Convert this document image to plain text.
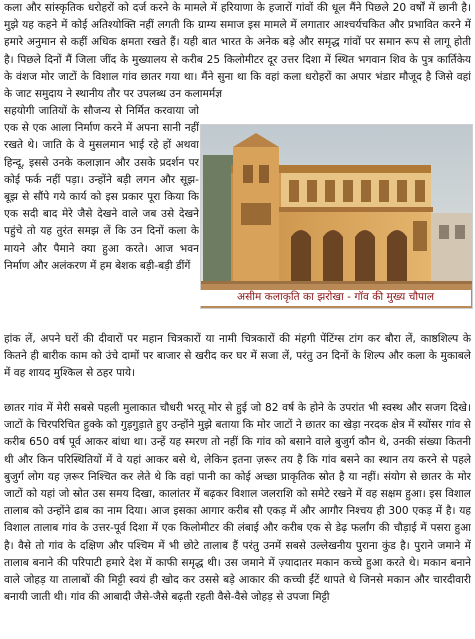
कला और सांस्कृतिक धरोहरों को दर्ज करने के मामले में हरियाणा के हजारों गांवों की धूल मैंने पिछले 20 वर्षों में छानी है। मुझे यह कहने में कोई अतिश्योक्ति नहीं लगती कि ग्राम्य समाज इस मामले में लगातार आश्चर्यचकित और प्रभावित करने में हमारे अनुमान से कहीं अधिक क्षमता रखते हैं। यही बात भारत के अनेक बड़े और समृद्ध गांवों पर समान रूप से लागू होती है। पिछले दिनों मैं जिला जींद के मुख्यालय से करीब 25 किलोमीटर दूर उत्तर दिशा में स्थित भगवान शिव के पुत्र कार्तिकेय के वंशज मोर जाटों के विशाल गांव छातर गया था। मैंने सुना था कि वहां कला धरोहरों का अपार भंडार मौजूद है जिसे वहां के जाट समुदाय ने स्थानीय तौर पर उपलब्ध उन कलामर्मज्ञ

सहयोगी जातियों के सौजन्य से निर्मित करवाया जो एक से एक आला निर्माण करने में अपना सानी नहीं रखते थे। जाति के वे मुसलमान भाई रहे हों अथवा हिन्दू, इससे उनके कलाज्ञान और उसके प्रदर्शन पर कोई फर्क नहीं पड़ा। उन्होंने बड़ी लगन और सूझ-बूझ से सौंपे गये कार्य को इस प्रकार पूरा किया कि एक सदी बाद मेरे जैसे देखने वाले जब उसे देखने पहुंचे तो यह तुरंत समझ लें कि उन दिनों कला के मायने और पैमाने क्या हुआ करते। आज भवन निर्माण और अलंकरण में हम बेशक बड़ी-बड़ी डींगें

असीम कलाकृति का झरोखा - गॉव की मुख्य चौपाल

हांक लें, अपने घरों की दीवारों पर महान चित्रकारों या नामी चित्रकारों की मंहगी पेंटिंग्स टांग कर बौरा लें, काष्ठशिल्प के कितने ही बारीक काम को उंचे दामों पर बाजार से खरीद कर घर में सजा लें, परंतु उन दिनों के शिल्प और कला के मुकाबले में वह शायद मुश्किल से ठहर पाये।

छातर गांव में मेरी सबसे पहली मुलाकात चौधरी भरतू मोर से हुई जो 82 वर्ष के होने के उपरांत भी स्वस्थ और सजग दिखे। जाटों के चिरपरिचित हुक्के को गुड़गुड़ाते हुए उन्होंने मुझे बताया कि मोर जाटों ने छातर का खेड़ा नरदक क्षेत्र में स्योंसर गांव से करीब 650 वर्ष पूर्व आकर बांधा था। उन्हें यह स्मरण तो नहीं कि गांव को बसाने वाले बुजुर्ग कौन थे, उनकी संख्या कितनी थी और किन परिस्थितियों में वे यहां आकर बसे थे, लेकिन इतना ज़रूर तय है कि गांव बसने का स्थान तय करने से पहले बुजुर्ग लोग यह ज़रूर निश्चित कर लेते थे कि वहां पानी का कोई अच्छा प्राकृतिक स्रोत है या नहीं। संयोग से छातर के मोर जाटों को यहां जो स्रोत उस समय दिखा, कालांतर में बढ़कर विशाल जलराशि को समेटे रखने में वह सक्षम हुआ। इस विशाल तालाब को उन्होंने ढाब का नाम दिया। आज इसका आगार करीब सौ एकड़ में और आगौर निश्चय ही 300 एकड़ में है। यह विशाल तालाब गांव के उत्तर-पूर्व दिशा में एक किलोमीटर की लंबाई और करीब एक से डेढ़ फर्लांग की चौड़ाई में पसरा हुआ है। वैसे तो गांव के दक्षिण और पश्चिम में भी छोटे तालाब हैं परंतु उनमें सबसे उल्लेखनीय पुराना कुंड है। पुराने जमाने में तालाब बनाने की परिपाटी हमारे देश में काफी समृद्ध थी। उस जमाने में ज़्यादातर मकान कच्चे हुआ करते थे। मकान बनाने वाले जोहड़ या तालाबों की मिट्टी स्वयं ही खोद कर उससे बड़े आकार की कच्ची ईंटें थापते थे जिनसे मकान और चारदीवारी बनायी जाती थी। गांव की आबादी जैसे-जैसे बढ़ती रहती वैसे-वैसे जोहड़ से उपजा मिट्टी
